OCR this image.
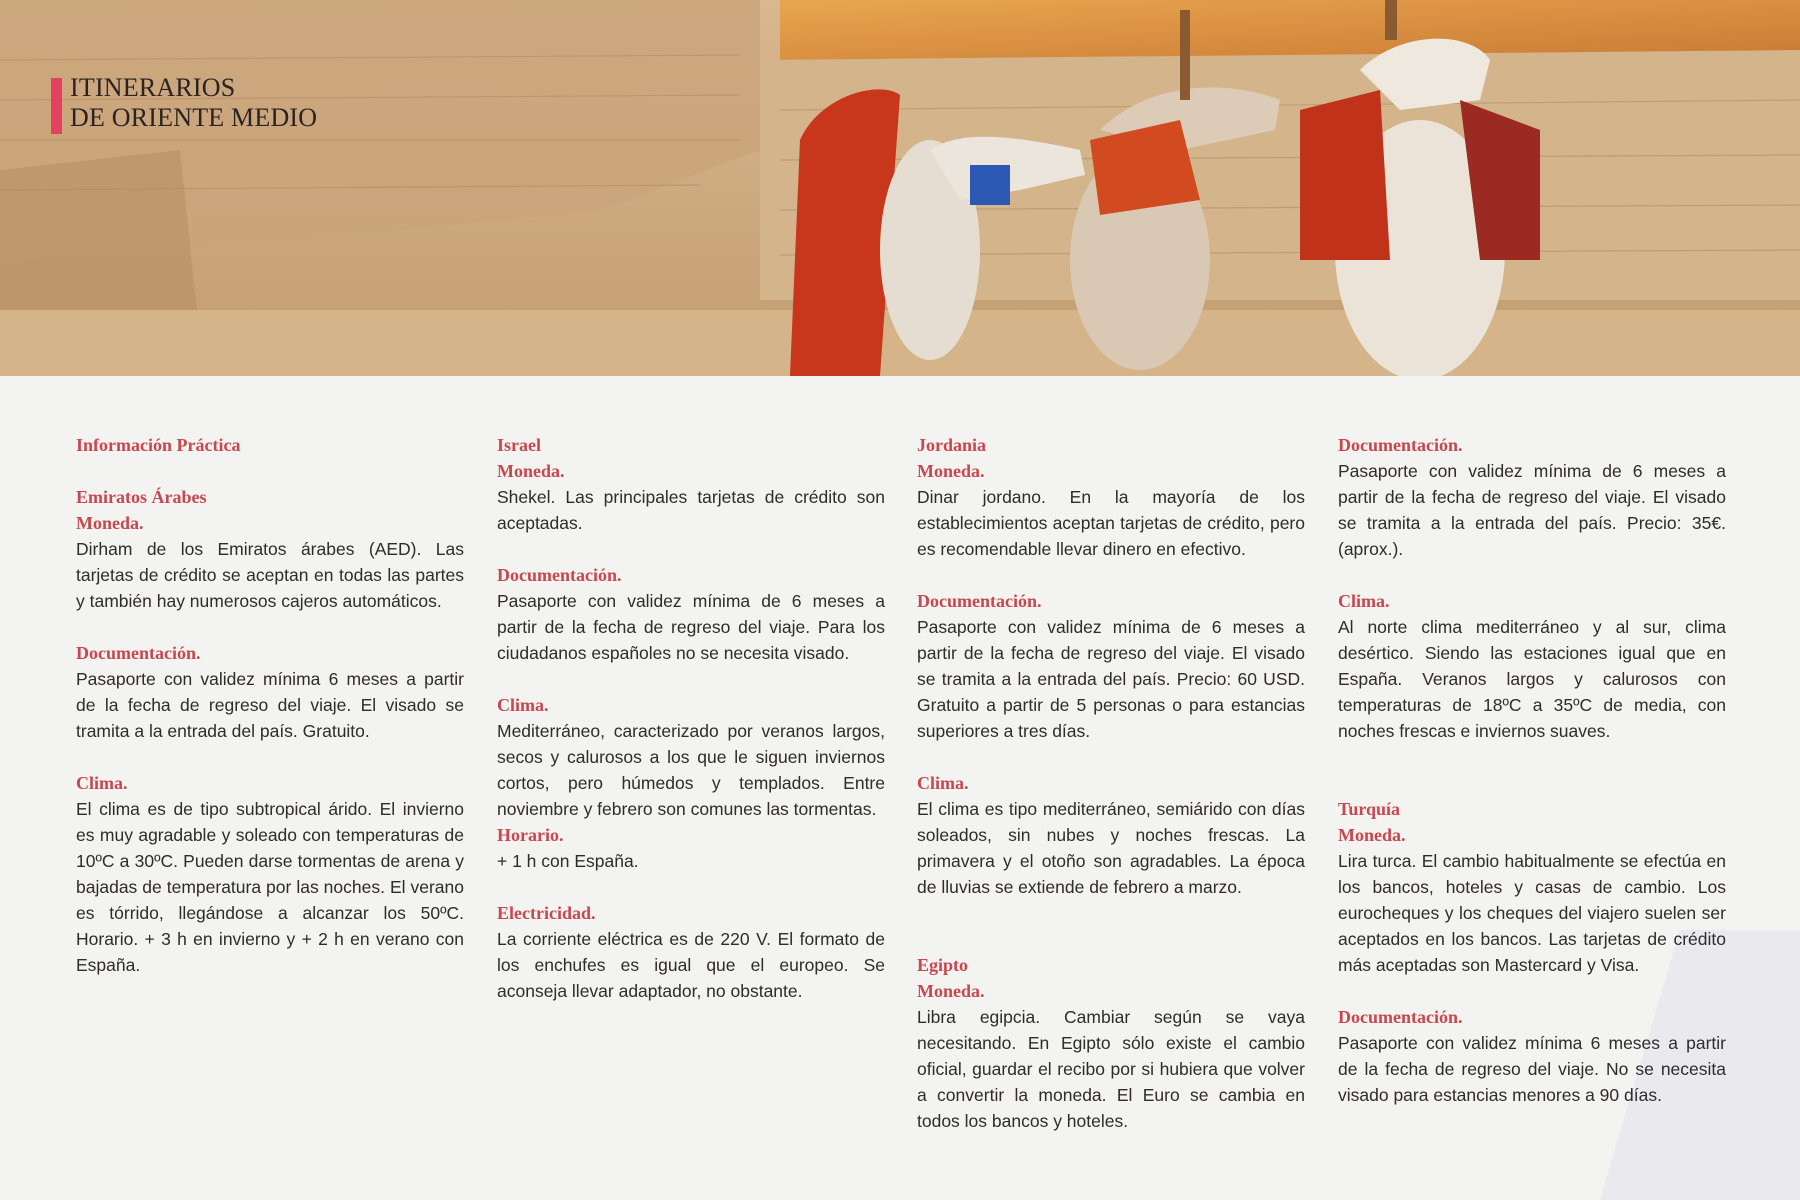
ITINERARIOS
DE ORIENTE MEDIO

Información Práctica

Emiratos Árabes

Moneda.

Dirham de los Emiratos árabes (AED). Las tarjetas de crédito se aceptan en todas las partes y también hay numerosos cajeros automáticos.

Documentación.

Pasaporte con validez mínima 6 meses a partir de la fecha de regreso del viaje. El visado se tramita a la entrada del país. Gratuito.

Clima.

El clima es de tipo subtropical árido. El invierno es muy agradable y soleado con temperaturas de 10ºC a 30ºC. Pueden darse tormentas de arena y bajadas de temperatura por las noches. El verano es tórrido, llegándose a alcanzar los 50ºC. Horario. + 3 h en invierno y + 2 h en verano con España.

Israel

Moneda.

Shekel. Las principales tarjetas de crédito son aceptadas.

Documentación.

Pasaporte con validez mínima de 6 meses a partir de la fecha de regreso del viaje. Para los ciudadanos españoles no se necesita visado.

Clima.

Mediterráneo, caracterizado por veranos largos, secos y calurosos a los que le siguen inviernos cortos, pero húmedos y templados. Entre noviembre y febrero son comunes las tormentas.

Horario.

+ 1 h con España.

Electricidad.

La corriente eléctrica es de 220 V. El formato de los enchufes es igual que el europeo. Se aconseja llevar adaptador, no obstante.

Jordania

Moneda.

Dinar jordano. En la mayoría de los establecimientos aceptan tarjetas de crédito, pero es recomendable llevar dinero en efectivo.

Documentación.

Pasaporte con validez mínima de 6 meses a partir de la fecha de regreso del viaje. El visado se tramita a la entrada del país. Precio: 60 USD. Gratuito a partir de 5 personas o para estancias superiores a tres días.

Clima.

El clima es tipo mediterráneo, semiárido con días soleados, sin nubes y noches frescas. La primavera y el otoño son agradables. La época de lluvias se extiende de febrero a marzo.

Egipto

Moneda.

Libra egipcia. Cambiar según se vaya necesitando. En Egipto sólo existe el cambio oficial, guardar el recibo por si hubiera que volver a convertir la moneda. El Euro se cambia en todos los bancos y hoteles.

Documentación.

Pasaporte con validez mínima de 6 meses a partir de la fecha de regreso del viaje. El visado se tramita a la entrada del país. Precio: 35€. (aprox.).

Clima.

Al norte clima mediterráneo y al sur, clima desértico. Siendo las estaciones igual que en España. Veranos largos y calurosos con temperaturas de 18ºC a 35ºC de media, con noches frescas e inviernos suaves.

Turquía

Moneda.

Lira turca. El cambio habitualmente se efectúa en los bancos, hoteles y casas de cambio. Los eurocheques y los cheques del viajero suelen ser aceptados en los bancos. Las tarjetas de crédito más aceptadas son Mastercard y Visa.

Documentación.

Pasaporte con validez mínima 6 meses a partir de la fecha de regreso del viaje. No se necesita visado para estancias menores a 90 días.
